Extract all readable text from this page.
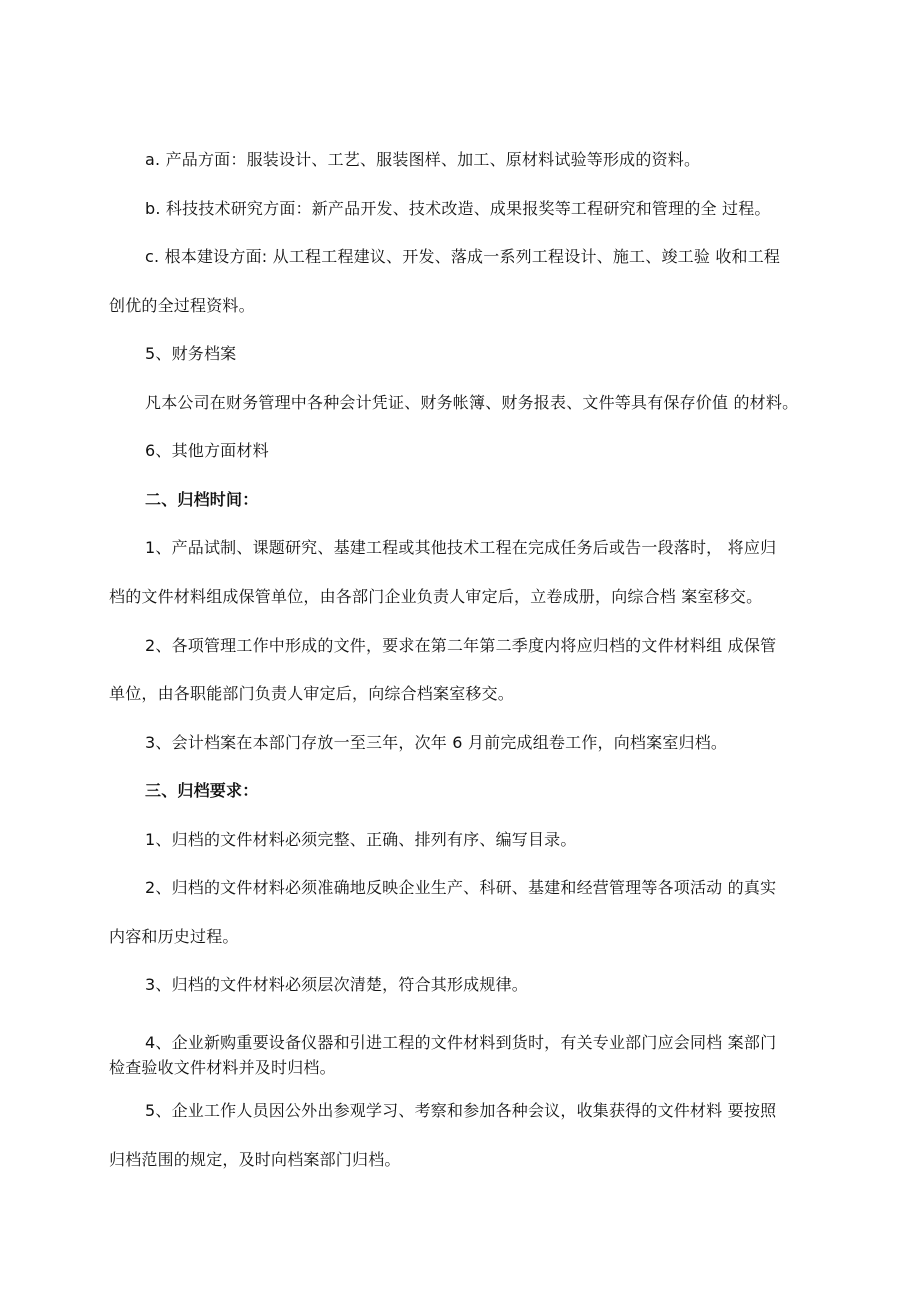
a. 产品方面：服装设计、工艺、服装图样、加工、原材料试验等形成的资料。

b. 科技技术研究方面：新产品开发、技术改造、成果报奖等工程研究和管理的全 过程。

c. 根本建设方面: 从工程工程建议、开发、落成一系列工程设计、施工、竣工验 收和工程

创优的全过程资料。

5、财务档案

凡本公司在财务管理中各种会计凭证、财务帐簿、财务报表、文件等具有保存价值 的材料。

6、其他方面材料

二、归档时间：

1、产品试制、课题研究、基建工程或其他技术工程在完成任务后或告一段落时， 将应归

档的文件材料组成保管单位，由各部门企业负责人审定后，立卷成册，向综合档 案室移交。

2、各项管理工作中形成的文件，要求在第二年第二季度内将应归档的文件材料组 成保管

单位，由各职能部门负责人审定后，向综合档案室移交。

3、会计档案在本部门存放一至三年，次年 6 月前完成组卷工作，向档案室归档。

三、归档要求：

1、归档的文件材料必须完整、正确、排列有序、编写目录。

2、归档的文件材料必须准确地反映企业生产、科研、基建和经营管理等各项活动 的真实

内容和历史过程。

3、归档的文件材料必须层次清楚，符合其形成规律。

4、企业新购重要设备仪器和引进工程的文件材料到货时，有关专业部门应会同档 案部门

检查验收文件材料并及时归档。

5、企业工作人员因公外出参观学习、考察和参加各种会议，收集获得的文件材料 要按照

归档范围的规定，及时向档案部门归档。
